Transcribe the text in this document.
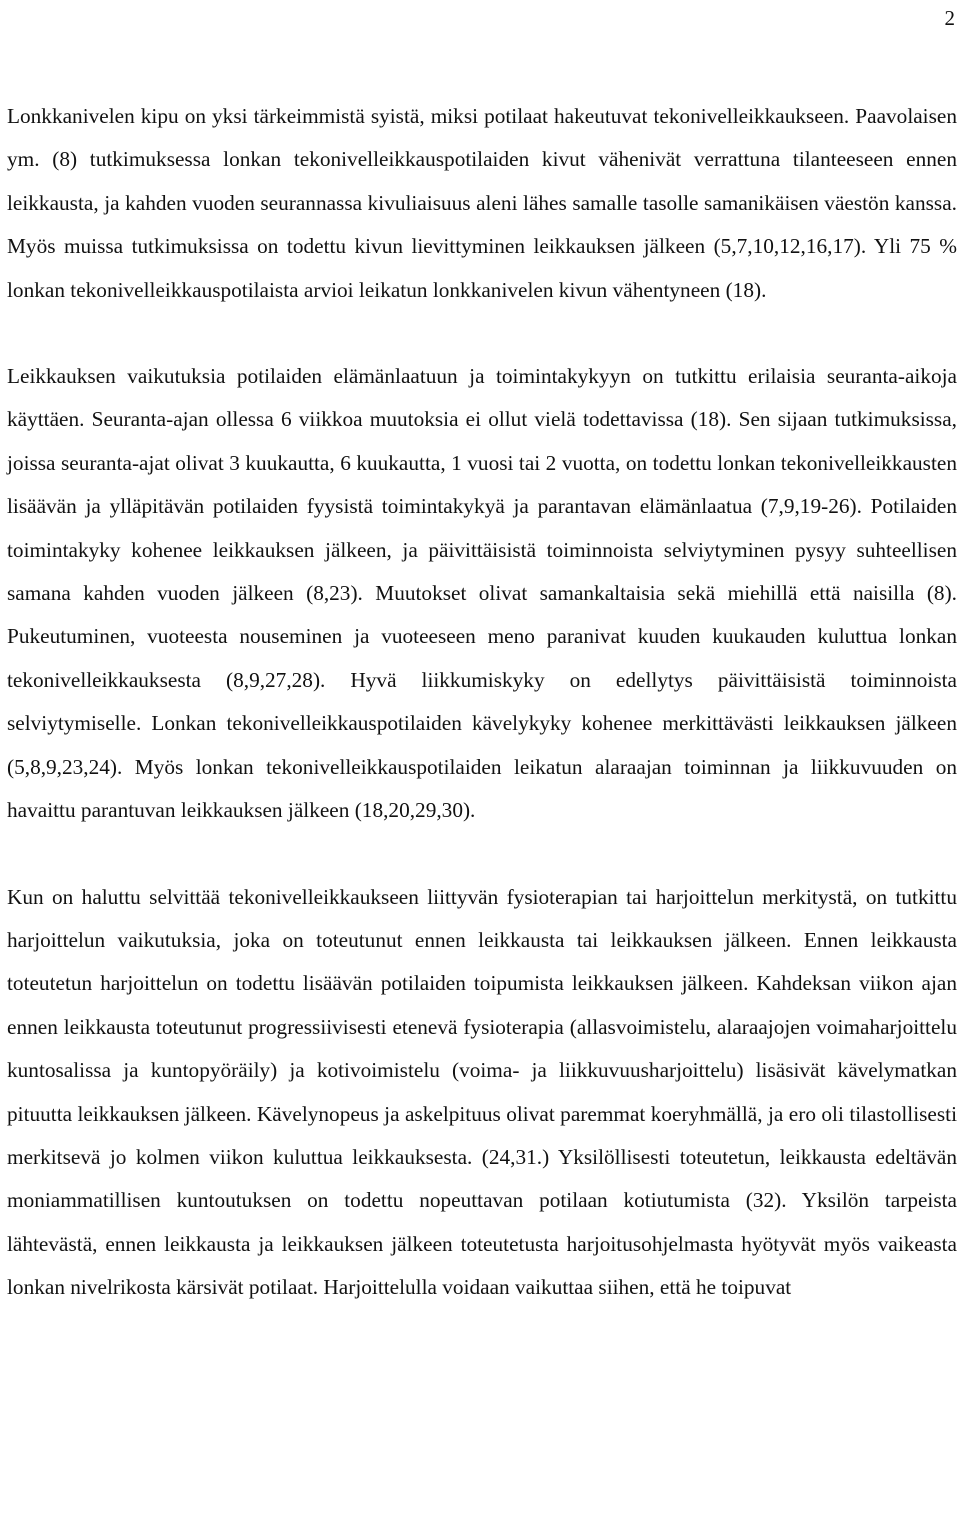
2

Lonkkanivelen kipu on yksi tärkeimmistä syistä, miksi potilaat hakeutuvat tekonivelleikkaukseen. Paavolaisen ym. (8) tutkimuksessa lonkan tekonivelleikkauspotilaiden kivut vähenivät verrattuna tilanteeseen ennen leikkausta, ja kahden vuoden seurannassa kivuliaisuus aleni lähes samalle tasolle samanikäisen väestön kanssa. Myös muissa tutkimuksissa on todettu kivun lievittyminen leikkauksen jälkeen (5,7,10,12,16,17). Yli 75 % lonkan tekonivelleikkauspotilaista arvioi leikatun lonkkanivelen kivun vähentyneen (18).

Leikkauksen vaikutuksia potilaiden elämänlaatuun ja toimintakykyyn on tutkittu erilaisia seuranta-aikoja käyttäen. Seuranta-ajan ollessa 6 viikkoa muutoksia ei ollut vielä todettavissa (18). Sen sijaan tutkimuksissa, joissa seuranta-ajat olivat 3 kuukautta, 6 kuukautta, 1 vuosi tai 2 vuotta, on todettu lonkan tekonivelleikkausten lisäävän ja ylläpitävän potilaiden fyysistä toimintakykyä ja parantavan elämänlaatua (7,9,19-26). Potilaiden toimintakyky kohenee leikkauksen jälkeen, ja päivittäisistä toiminnoista selviytyminen pysyy suhteellisen samana kahden vuoden jälkeen (8,23). Muutokset olivat samankaltaisia sekä miehillä että naisilla (8). Pukeutuminen, vuoteesta nouseminen ja vuoteeseen meno paranivat kuuden kuukauden kuluttua lonkan tekonivelleikkauksesta (8,9,27,28). Hyvä liikkumiskyky on edellytys päivittäisistä toiminnoista selviytymiselle. Lonkan tekonivelleikkauspotilaiden kävelykyky kohenee merkittävästi leikkauksen jälkeen (5,8,9,23,24). Myös lonkan tekonivelleikkauspotilaiden leikatun alaraajan toiminnan ja liikkuvuuden on havaittu parantuvan leikkauksen jälkeen (18,20,29,30).

Kun on haluttu selvittää tekonivelleikkaukseen liittyvän fysioterapian tai harjoittelun merkitystä, on tutkittu harjoittelun vaikutuksia, joka on toteutunut ennen leikkausta tai leikkauksen jälkeen. Ennen leikkausta toteutetun harjoittelun on todettu lisäävän potilaiden toipumista leikkauksen jälkeen. Kahdeksan viikon ajan ennen leikkausta toteutunut progressiivisesti etenevä fysioterapia (allasvoimistelu, alaraajojen voimaharjoittelu kuntosalissa ja kuntopyöräily) ja kotivoimistelu (voima- ja liikkuvuusharjoittelu) lisäsivät kävelymatkan pituutta leikkauksen jälkeen. Kävelynopeus ja askelpituus olivat paremmat koeryhmällä, ja ero oli tilastollisesti merkitsevä jo kolmen viikon kuluttua leikkauksesta. (24,31.) Yksilöllisesti toteutetun, leikkausta edeltävän moniammatillisen kuntoutuksen on todettu nopeuttavan potilaan kotiutumista (32). Yksilön tarpeista lähtevästä, ennen leikkausta ja leikkauksen jälkeen toteutetusta harjoitusohjelmasta hyötyvät myös vaikeasta lonkan nivelrikosta kärsivät potilaat. Harjoittelulla voidaan vaikuttaa siihen, että he toipuvat
